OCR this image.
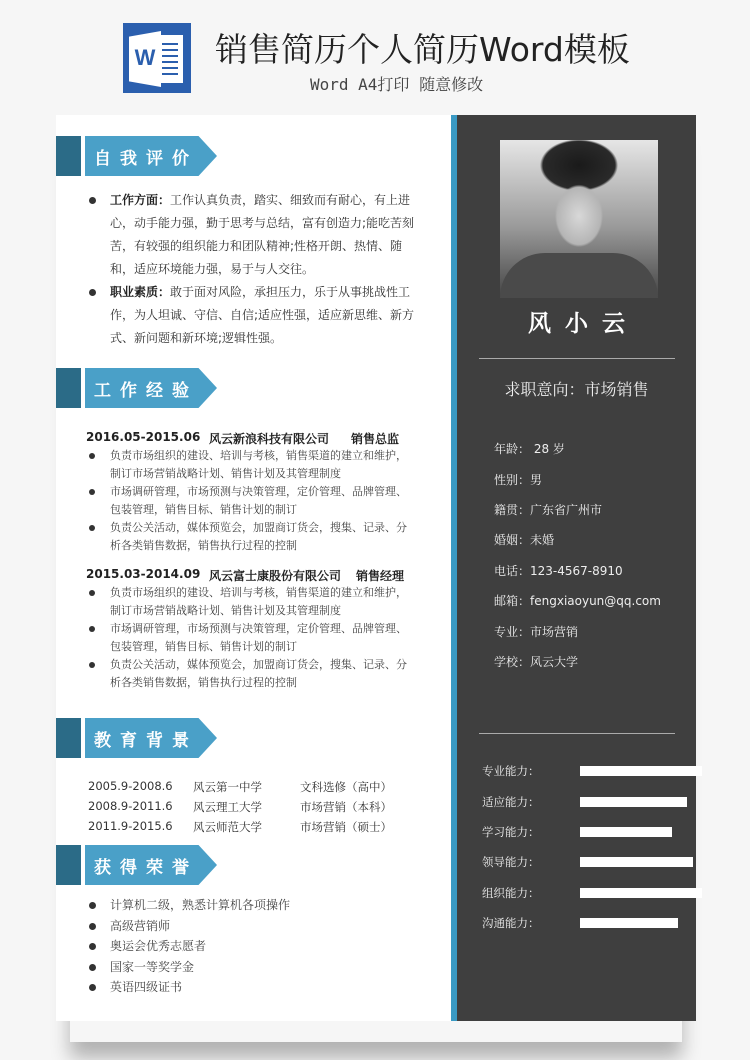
W 销售简历个人简历Word模板
Word A4打印 随意修改
自我评价
工作方面：工作认真负责，踏实、细致而有耐心，有上进心，动手能力强，勤于思考与总结，富有创造力;能吃苦刻苦，有较强的组织能力和团队精神;性格开朗、热情、随和，适应环境能力强，易于与人交往。
职业素质：敢于面对风险，承担压力，乐于从事挑战性工作，为人坦诚、守信、自信;适应性强，适应新思维、新方式、新问题和新环境;逻辑性强。
工作经验
2016.05-2015.06 风云新浪科技有限公司 销售总监
负责市场组织的建设、培训与考核，销售渠道的建立和维护，制订市场营销战略计划、销售计划及其管理制度
市场调研管理，市场预测与决策管理，定价管理、品牌管理、包装管理，销售目标、销售计划的制订
负责公关活动，媒体预览会，加盟商订货会，搜集、记录、分析各类销售数据，销售执行过程的控制
2015.03-2014.09 风云富士康股份有限公司 销售经理
负责市场组织的建设、培训与考核，销售渠道的建立和维护，制订市场营销战略计划、销售计划及其管理制度
市场调研管理，市场预测与决策管理，定价管理、品牌管理、包装管理，销售目标、销售计划的制订
负责公关活动，媒体预览会，加盟商订货会，搜集、记录、分析各类销售数据，销售执行过程的控制
教育背景
2005.9-2008.6 风云第一中学	文科选修（高中）
2008.9-2011.6 风云理工大学	市场营销（本科）
2011.9-2015.6 风云师范大学	市场营销（硕士）
获得荣誉
计算机二级，熟悉计算机各项操作
高级营销师
奥运会优秀志愿者
国家一等奖学金
英语四级证书
风小云
求职意向：市场销售
年龄： 28 岁
性别：男
籍贯：广东省广州市
婚姻：未婚
电话：123-4567-8910
邮箱：fengxiaoyun@qq.com
专业：市场营销
学校：风云大学
专业能力：
适应能力：
学习能力：
领导能力：
组织能力：
沟通能力：
